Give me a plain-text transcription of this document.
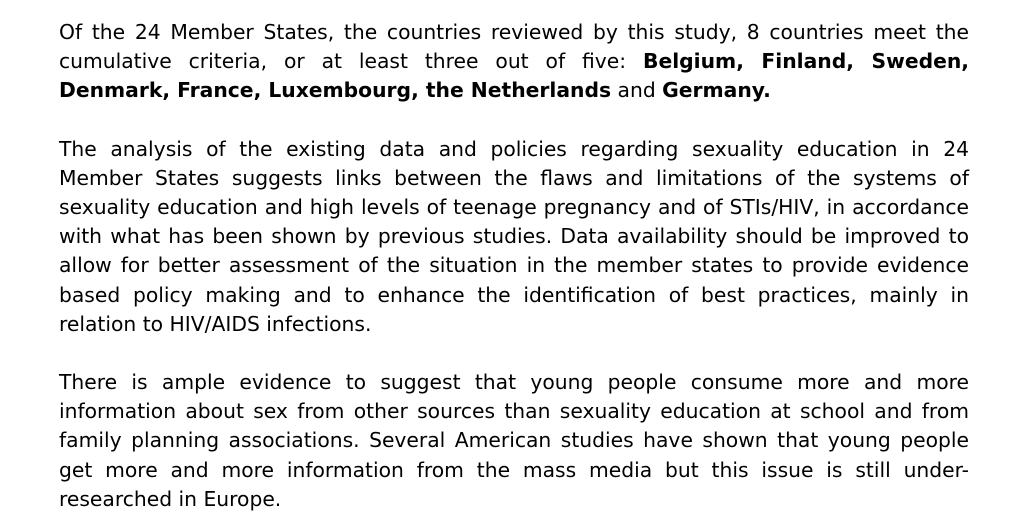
Of the 24 Member States, the countries reviewed by this study, 8 countries meet the cumulative criteria, or at least three out of five: Belgium, Finland, Sweden, Denmark, France, Luxembourg, the Netherlands and Germany.

The analysis of the existing data and policies regarding sexuality education in 24 Member States suggests links between the flaws and limitations of the systems of sexuality education and high levels of teenage pregnancy and of STIs/HIV, in accordance with what has been shown by previous studies. Data availability should be improved to allow for better assessment of the situation in the member states to provide evidence based policy making and to enhance the identification of best practices, mainly in relation to HIV/AIDS infections.

There is ample evidence to suggest that young people consume more and more information about sex from other sources than sexuality education at school and from family planning associations. Several American studies have shown that young people get more and more information from the mass media but this issue is still under-researched in Europe.
